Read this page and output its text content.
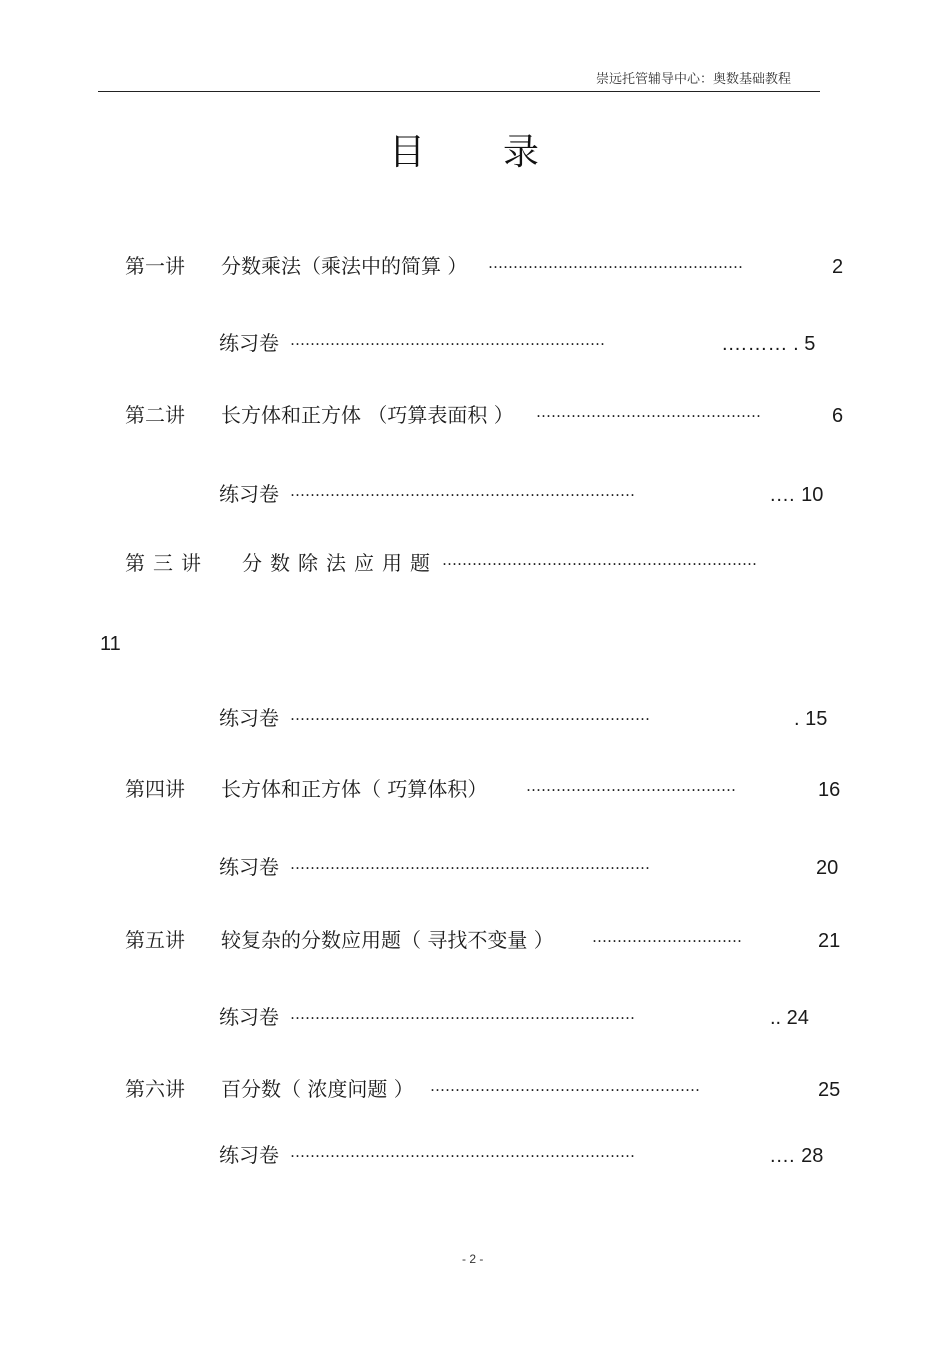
崇远托管辅导中心：奥数基础教程
目 录
第一讲 分数乘法（乘法中的简算 ） ……………………………………………	2
练习卷 ………………………………………………………	.……… . 5
第二讲 长方体和正方体 （巧算表面积 ） ………………………………………	6
练习卷 ……………………………………………………………	.… 10
第三讲 分数除法应用题 ………………………………………………………
11
练习卷 ………………………………………………………………	. 15
第四讲 长方体和正方体（ 巧算体积）	……………………………………	16
练习卷 ………………………………………………………………	20
第五讲 较复杂的分数应用题（ 寻找不变量 ）	…………………………	21
练习卷 ……………………………………………………………	.. 24
第六讲 百分数（ 浓度问题 ） ………………………………………………	25
练习卷 ……………………………………………………………	.… 28
- 2 -
